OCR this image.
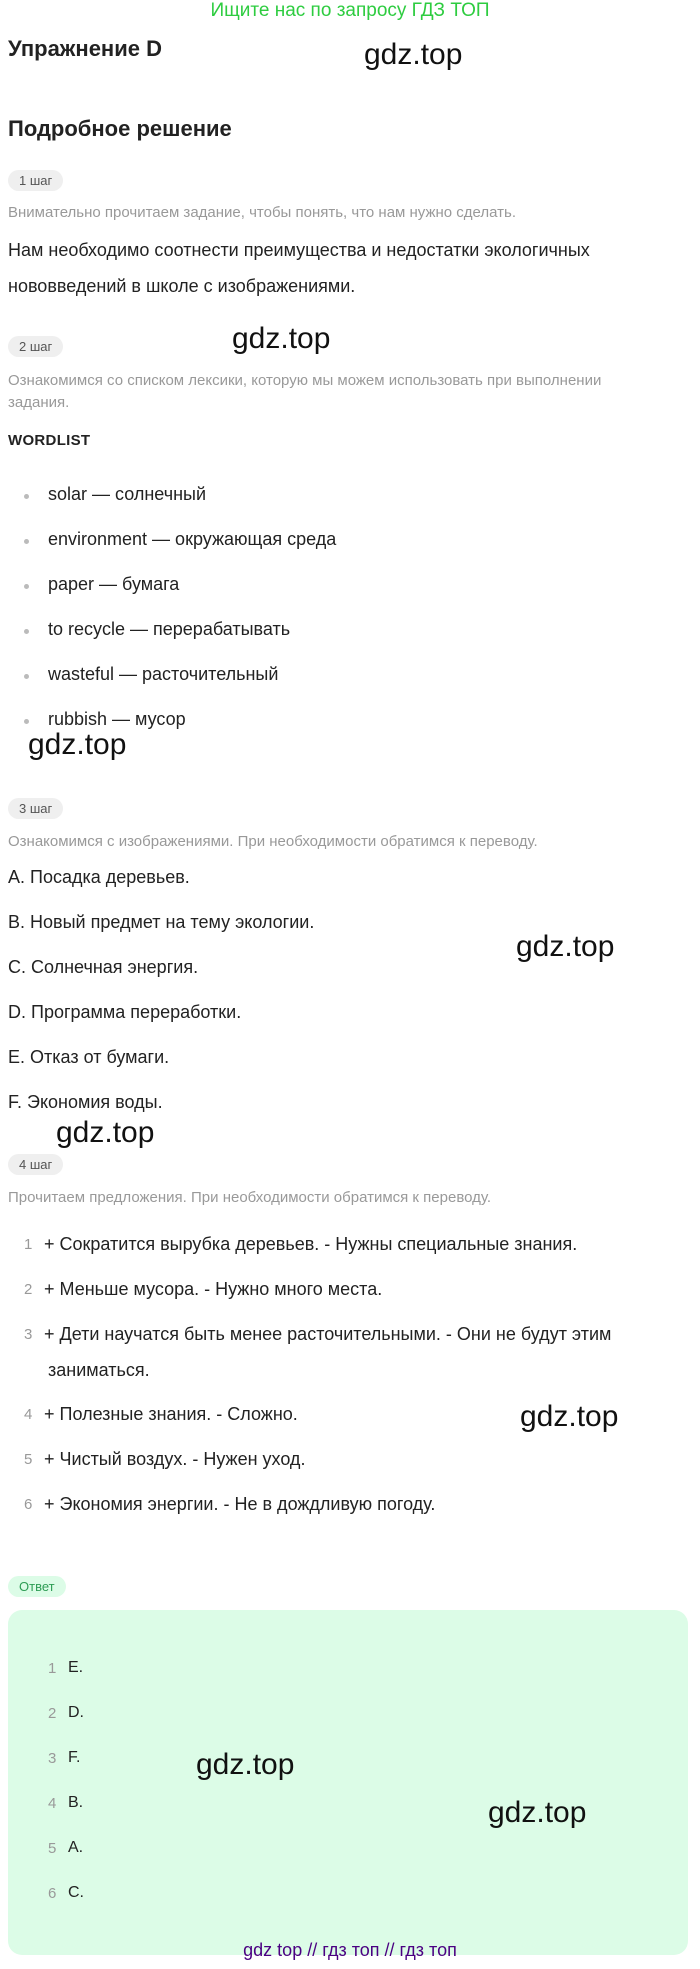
Ищите нас по запросу ГДЗ ТОП
Упражнение D	gdz.top
Подробное решение
1 шаг
Внимательно прочитаем задание, чтобы понять, что нам нужно сделать.
Нам необходимо соотнести преимущества и недостатки экологичных
нововведений в школе с изображениями.
2 шаг	gdz.top
Ознакомимся со списком лексики, которую мы можем использовать при выполнении
задания.
WORDLIST
solar — солнечный
environment — окружающая среда
paper — бумага
to recycle — перерабатывать
wasteful — расточительный
rubbish — мусор
gdz.top
3 шаг
Ознакомимся с изображениями. При необходимости обратимся к переводу.
A. Посадка деревьев.
B. Новый предмет на тему экологии.
C. Солнечная энергия.
D. Программа переработки.
E. Отказ от бумаги.
F. Экономия воды.
gdz.top
gdz.top
4 шаг
Прочитаем предложения. При необходимости обратимся к переводу.
1 + Сократится вырубка деревьев. - Нужны специальные знания.
2 + Меньше мусора. - Нужно много места.
3 + Дети научатся быть менее расточительными. - Они не будут этим
заниматься.
4 + Полезные знания. - Сложно.
5 + Чистый воздух. - Нужен уход.
6 + Экономия энергии. - Не в дождливую погоду.
gdz.top
Ответ
1 E.
2 D.
3 F.
4 B.
5 A.
6 C.
gdz.top
gdz.top
gdz top // гдз топ // гдз топ
